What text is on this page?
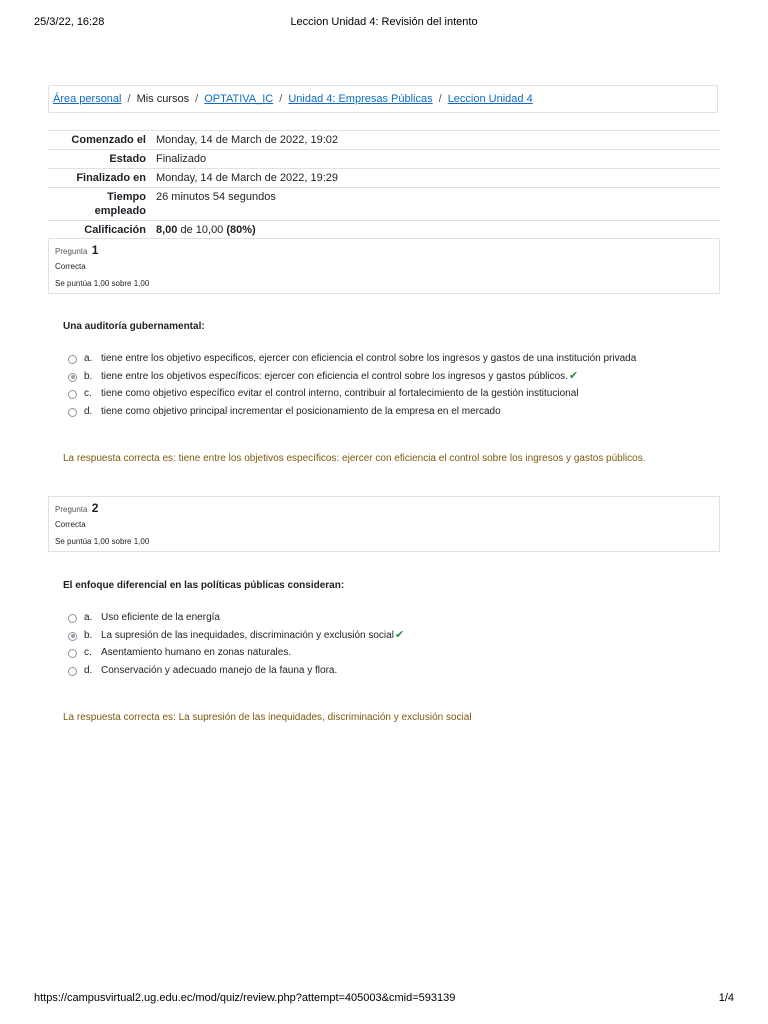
25/3/22, 16:28	Leccion Unidad 4: Revisión del intento
Área personal / Mis cursos / OPTATIVA_IC / Unidad 4: Empresas Públicas / Leccion Unidad 4
Comenzado el	Monday, 14 de March de 2022, 19:02
Estado	Finalizado
Finalizado en	Monday, 14 de March de 2022, 19:29
Tiempo
empleado	26 minutos 54 segundos
Calificación	8,00 de 10,00 (80%)
Pregunta 1
Correcta
Se puntúa 1,00 sobre 1,00
Una auditoría gubernamental:
a. tiene entre los objetivo especificos, ejercer con eficiencia el control sobre los ingresos y gastos de una institución privada
b. tiene entre los objetivos específicos: ejercer con eficiencia el control sobre los ingresos y gastos públicos.✔
c. tiene como objetivo específico evitar el control interno, contribuir al fortalecimiento de la gestión institucional
d. tiene como objetivo principal incrementar el posicionamiento de la empresa en el mercado
La respuesta correcta es: tiene entre los objetivos específicos: ejercer con eficiencia el control sobre los ingresos y gastos públicos.
Pregunta 2
Correcta
Se puntúa 1,00 sobre 1,00
El enfoque diferencial en las políticas públicas consideran:
a. Uso eficiente de la energía
b. La supresión de las inequidades, discriminación y exclusión social✔
c. Asentamiento humano en zonas naturales.
d. Conservación y adecuado manejo de la fauna y flora.
La respuesta correcta es: La supresión de las inequidades, discriminación y exclusión social
https://campusvirtual2.ug.edu.ec/mod/quiz/review.php?attempt=405003&cmid=593139	1/4
